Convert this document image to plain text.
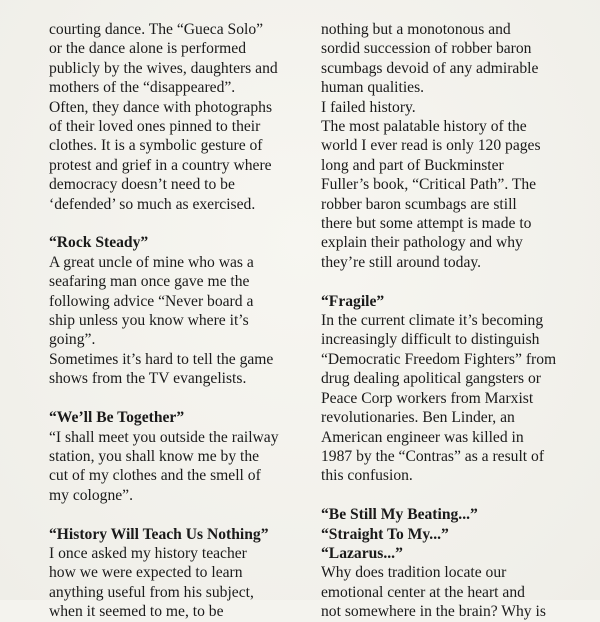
courting dance. The “Gueca Solo”
or the dance alone is performed
publicly by the wives, daughters and
mothers of the “disappeared”.
Often, they dance with photographs
of their loved ones pinned to their
clothes. It is a symbolic gesture of
protest and grief in a country where
democracy doesn’t need to be
‘defended’ so much as exercised.
“Rock Steady”
A great uncle of mine who was a
seafaring man once gave me the
following advice “Never board a
ship unless you know where it’s
going”.
Sometimes it’s hard to tell the game
shows from the TV evangelists.
“We’ll Be Together”
“I shall meet you outside the railway
station, you shall know me by the
cut of my clothes and the smell of
my cologne”.
“History Will Teach Us Nothing”
I once asked my history teacher
how we were expected to learn
anything useful from his subject,
when it seemed to me, to be
nothing but a monotonous and
sordid succession of robber baron
scumbags devoid of any admirable
human qualities.
I failed history.
The most palatable history of the
world I ever read is only 120 pages
long and part of Buckminster
Fuller’s book, “Critical Path”. The
robber baron scumbags are still
there but some attempt is made to
explain their pathology and why
they’re still around today.
“Fragile”
In the current climate it’s becoming
increasingly difficult to distinguish
“Democratic Freedom Fighters” from
drug dealing apolitical gangsters or
Peace Corp workers from Marxist
revolutionaries. Ben Linder, an
American engineer was killed in
1987 by the “Contras” as a result of
this confusion.
“Be Still My Beating...”
“Straight To My...”
“Lazarus...”
Why does tradition locate our
emotional center at the heart and
not somewhere in the brain? Why is
